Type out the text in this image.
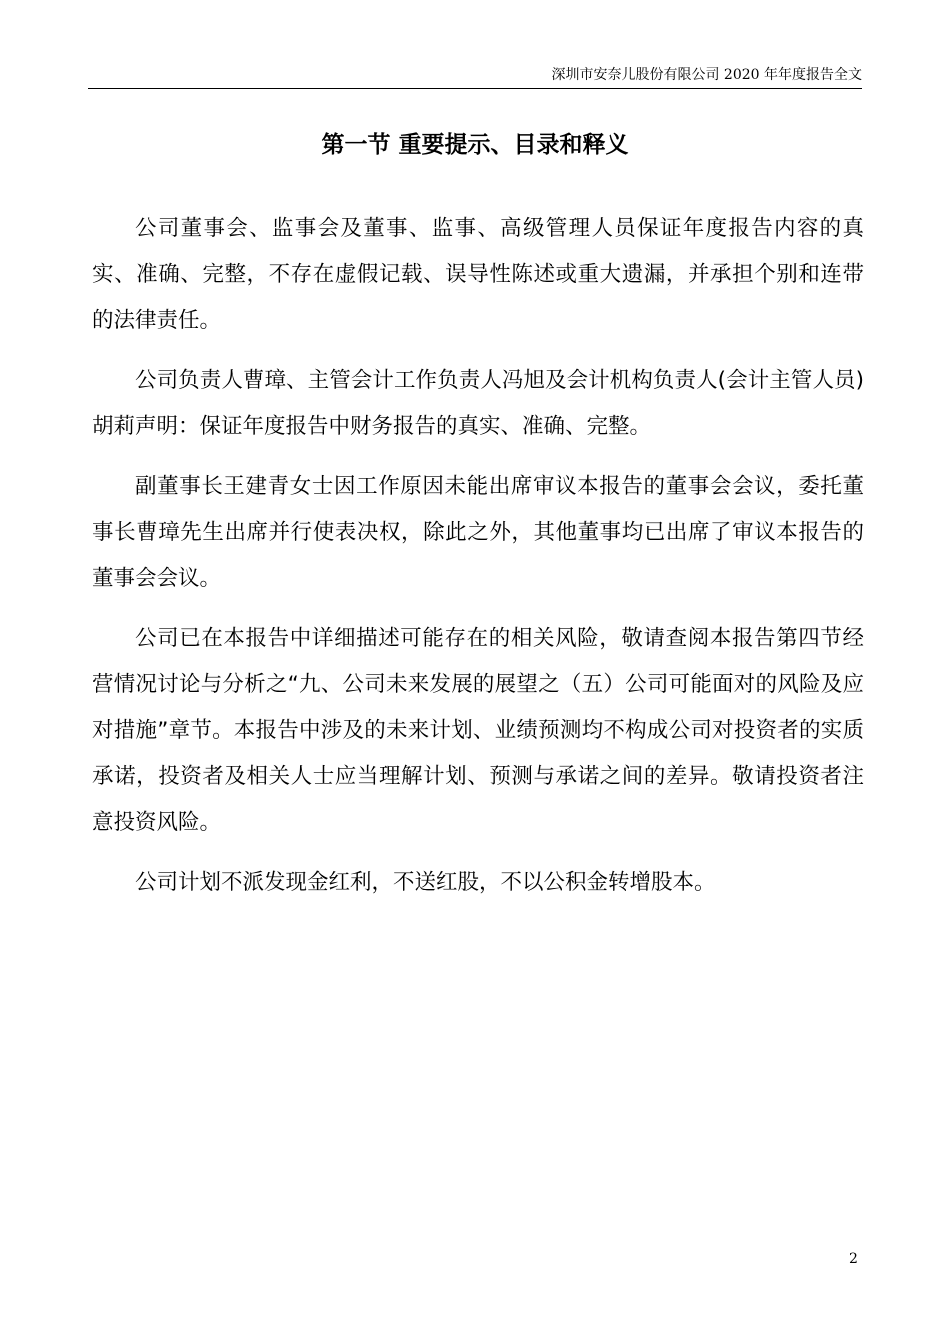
深圳市安奈儿股份有限公司 2020 年年度报告全文
第一节 重要提示、目录和释义

公司董事会、监事会及董事、监事、高级管理人员保证年度报告内容的真实、准确、完整，不存在虚假记载、误导性陈述或重大遗漏，并承担个别和连带的法律责任。

公司负责人曹璋、主管会计工作负责人冯旭及会计机构负责人(会计主管人员)胡莉声明：保证年度报告中财务报告的真实、准确、完整。

副董事长王建青女士因工作原因未能出席审议本报告的董事会会议，委托董事长曹璋先生出席并行使表决权，除此之外，其他董事均已出席了审议本报告的董事会会议。

公司已在本报告中详细描述可能存在的相关风险，敬请查阅本报告第四节经营情况讨论与分析之“九、公司未来发展的展望之（五）公司可能面对的风险及应对措施”章节。本报告中涉及的未来计划、业绩预测均不构成公司对投资者的实质承诺，投资者及相关人士应当理解计划、预测与承诺之间的差异。敬请投资者注意投资风险。

公司计划不派发现金红利，不送红股，不以公积金转增股本。

2
